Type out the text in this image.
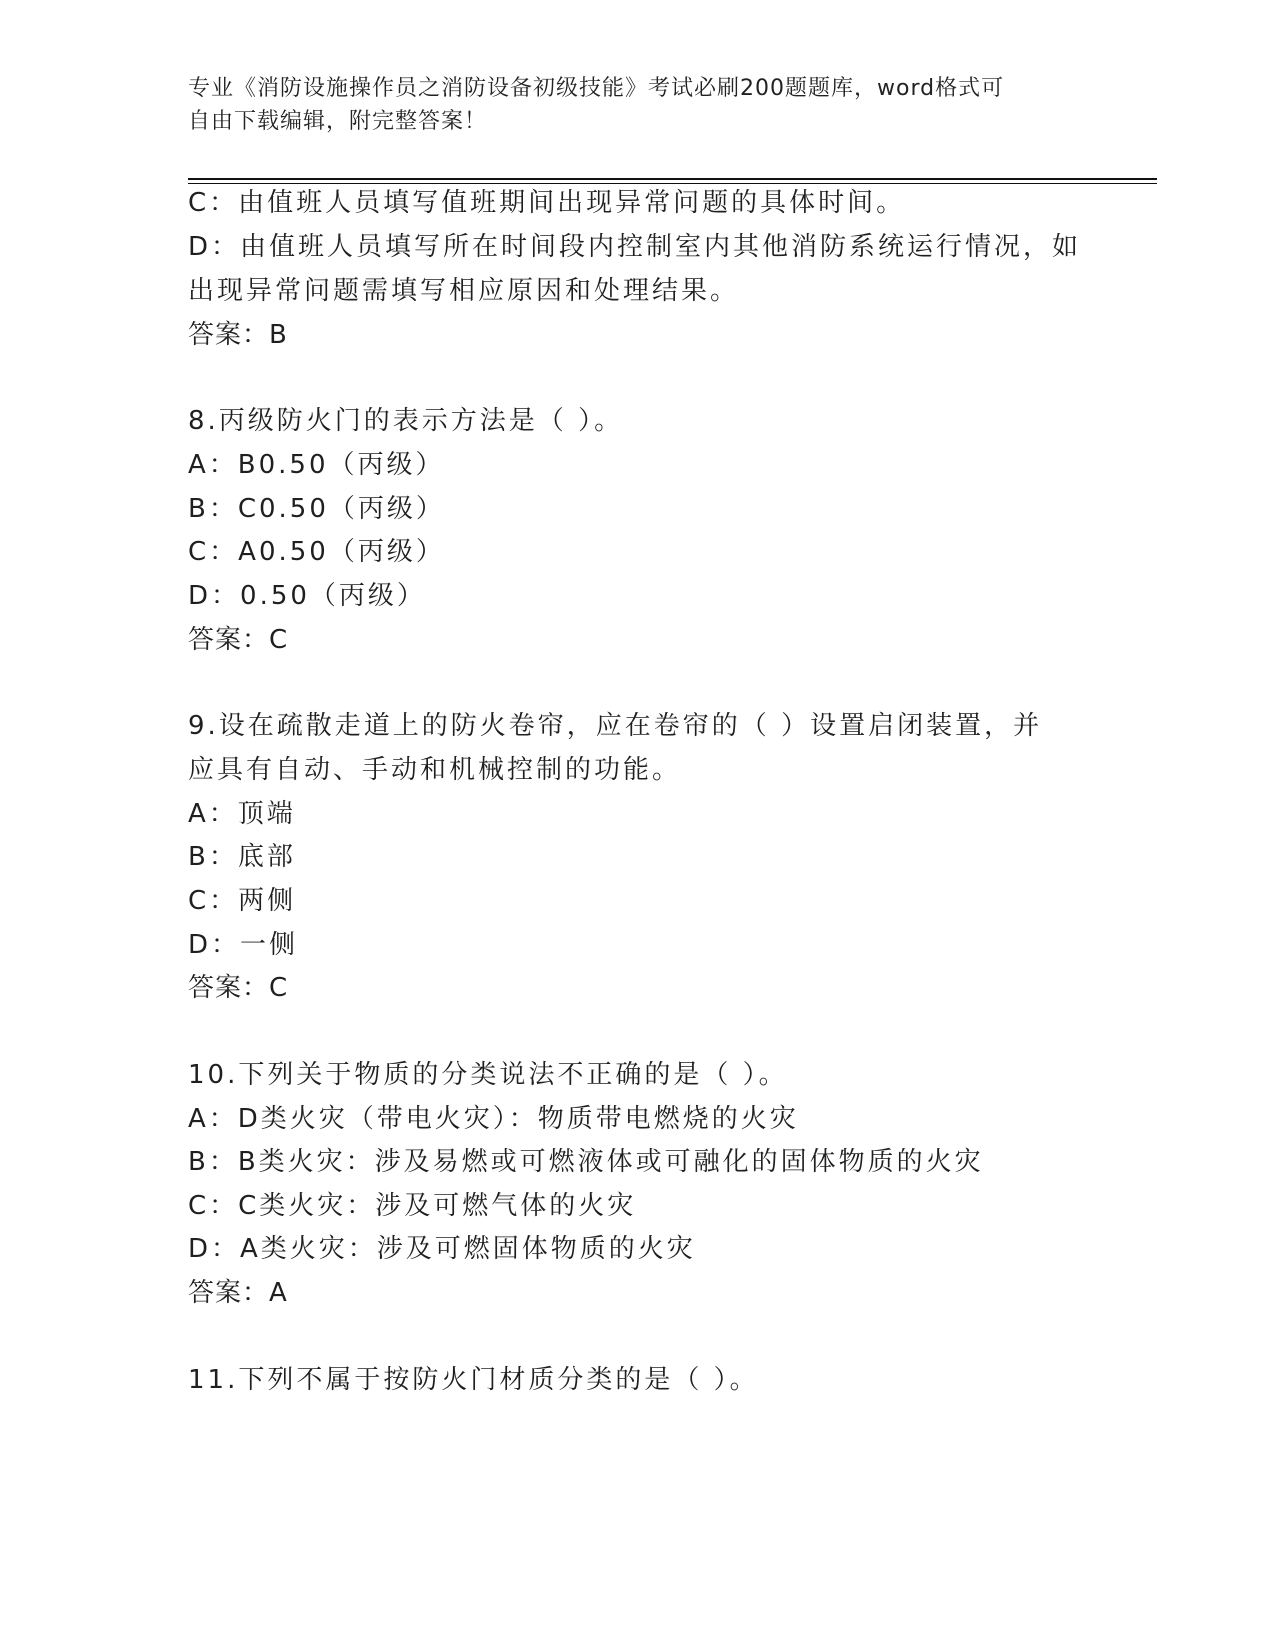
专业《消防设施操作员之消防设备初级技能》考试必刷200题题库，word格式可
自由下载编辑，附完整答案！
C：由值班人员填写值班期间出现异常问题的具体时间。
D：由值班人员填写所在时间段内控制室内其他消防系统运行情况，如
出现异常问题需填写相应原因和处理结果。
答案：B
8.丙级防火门的表示方法是（ ）。
A：B0.50（丙级）
B：C0.50（丙级）
C：A0.50（丙级）
D：0.50（丙级）
答案：C
9.设在疏散走道上的防火卷帘，应在卷帘的（ ）设置启闭装置，并
应具有自动、手动和机械控制的功能。
A：顶端
B：底部
C：两侧
D：一侧
答案：C
10.下列关于物质的分类说法不正确的是（ ）。
A：D类火灾（带电火灾）：物质带电燃烧的火灾
B：B类火灾：涉及易燃或可燃液体或可融化的固体物质的火灾
C：C类火灾：涉及可燃气体的火灾
D：A类火灾：涉及可燃固体物质的火灾
答案：A
11.下列不属于按防火门材质分类的是（ ）。
